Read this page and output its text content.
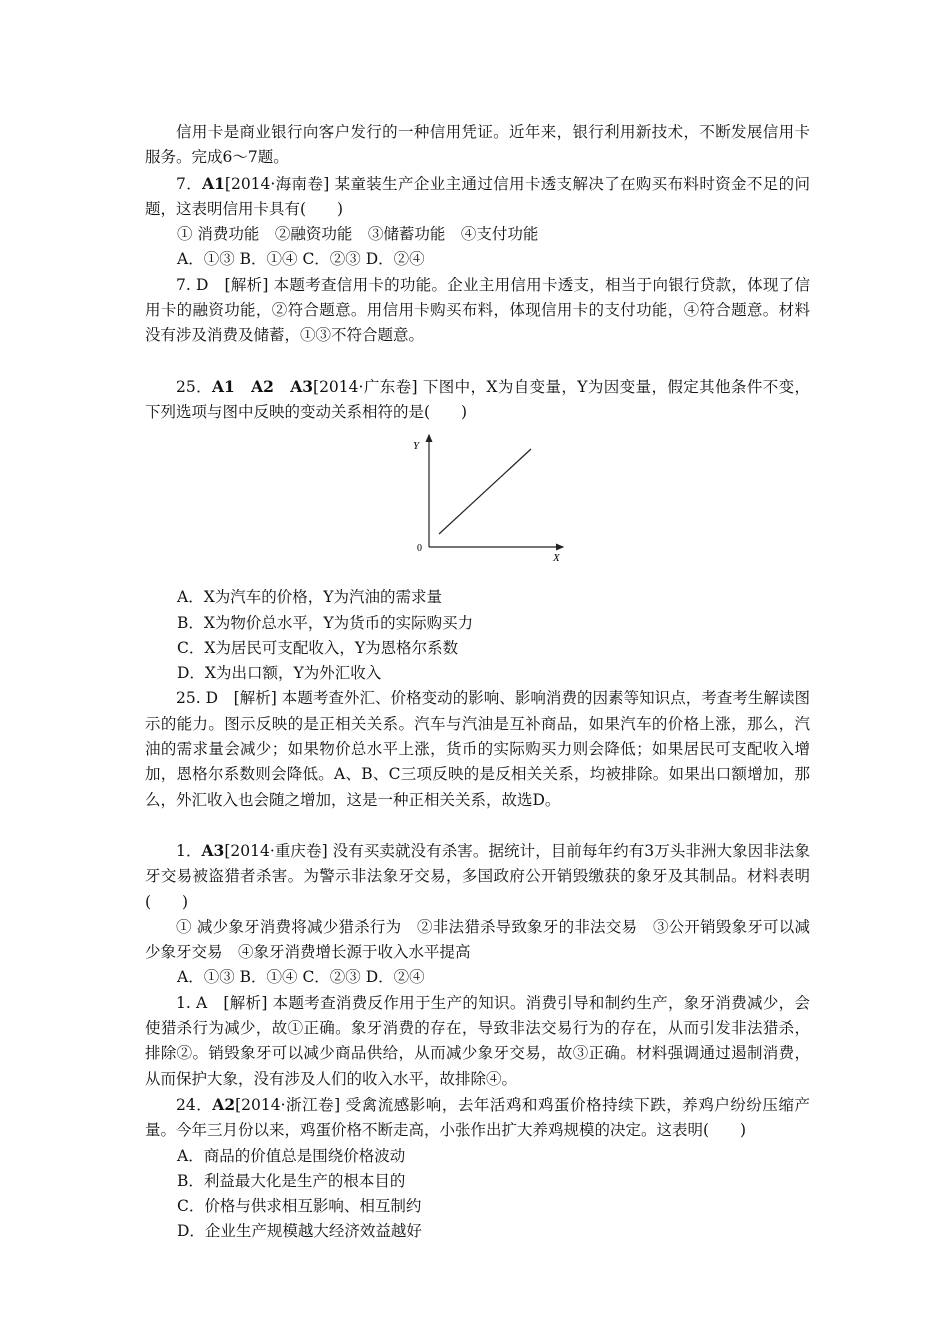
信用卡是商业银行向客户发行的一种信用凭证。近年来，银行利用新技术，不断发展信用卡服务。完成6～7题。

7．A1[2014·海南卷] 某童装生产企业主通过信用卡透支解决了在购买布料时资金不足的问题，这表明信用卡具有(　　)

① 消费功能　②融资功能　③储蓄功能　④支付功能

A．①③ B．①④ C．②③ D．②④

7. D　[解析] 本题考查信用卡的功能。企业主用信用卡透支，相当于向银行贷款，体现了信用卡的融资功能，②符合题意。用信用卡购买布料，体现信用卡的支付功能，④符合题意。材料没有涉及消费及储蓄，①③不符合题意。

25．A1　A2　A3[2014·广东卷] 下图中，X为自变量，Y为因变量，假定其他条件不变，下列选项与图中反映的变动关系相符的是(　　)

Y
X
0

A．X为汽车的价格，Y为汽油的需求量

B．X为物价总水平，Y为货币的实际购买力

C．X为居民可支配收入，Y为恩格尔系数

D．X为出口额，Y为外汇收入

25. D　[解析] 本题考查外汇、价格变动的影响、影响消费的因素等知识点，考查考生解读图示的能力。图示反映的是正相关关系。汽车与汽油是互补商品，如果汽车的价格上涨，那么，汽油的需求量会减少；如果物价总水平上涨，货币的实际购买力则会降低；如果居民可支配收入增加，恩格尔系数则会降低。A、B、C三项反映的是反相关关系，均被排除。如果出口额增加，那么，外汇收入也会随之增加，这是一种正相关关系，故选D。

1．A3[2014·重庆卷] 没有买卖就没有杀害。据统计，目前每年约有3万头非洲大象因非法象牙交易被盗猎者杀害。为警示非法象牙交易，多国政府公开销毁缴获的象牙及其制品。材料表明(　　)

① 减少象牙消费将减少猎杀行为　②非法猎杀导致象牙的非法交易　③公开销毁象牙可以减少象牙交易　④象牙消费增长源于收入水平提高

A．①③ B．①④ C．②③ D．②④

1. A　[解析] 本题考查消费反作用于生产的知识。消费引导和制约生产，象牙消费减少，会使猎杀行为减少，故①正确。象牙消费的存在，导致非法交易行为的存在，从而引发非法猎杀，排除②。销毁象牙可以减少商品供给，从而减少象牙交易，故③正确。材料强调通过遏制消费，从而保护大象，没有涉及人们的收入水平，故排除④。

24．A2[2014·浙江卷] 受禽流感影响，去年活鸡和鸡蛋价格持续下跌，养鸡户纷纷压缩产量。今年三月份以来，鸡蛋价格不断走高，小张作出扩大养鸡规模的决定。这表明(　　)

A．商品的价值总是围绕价格波动

B．利益最大化是生产的根本目的

C．价格与供求相互影响、相互制约

D．企业生产规模越大经济效益越好
